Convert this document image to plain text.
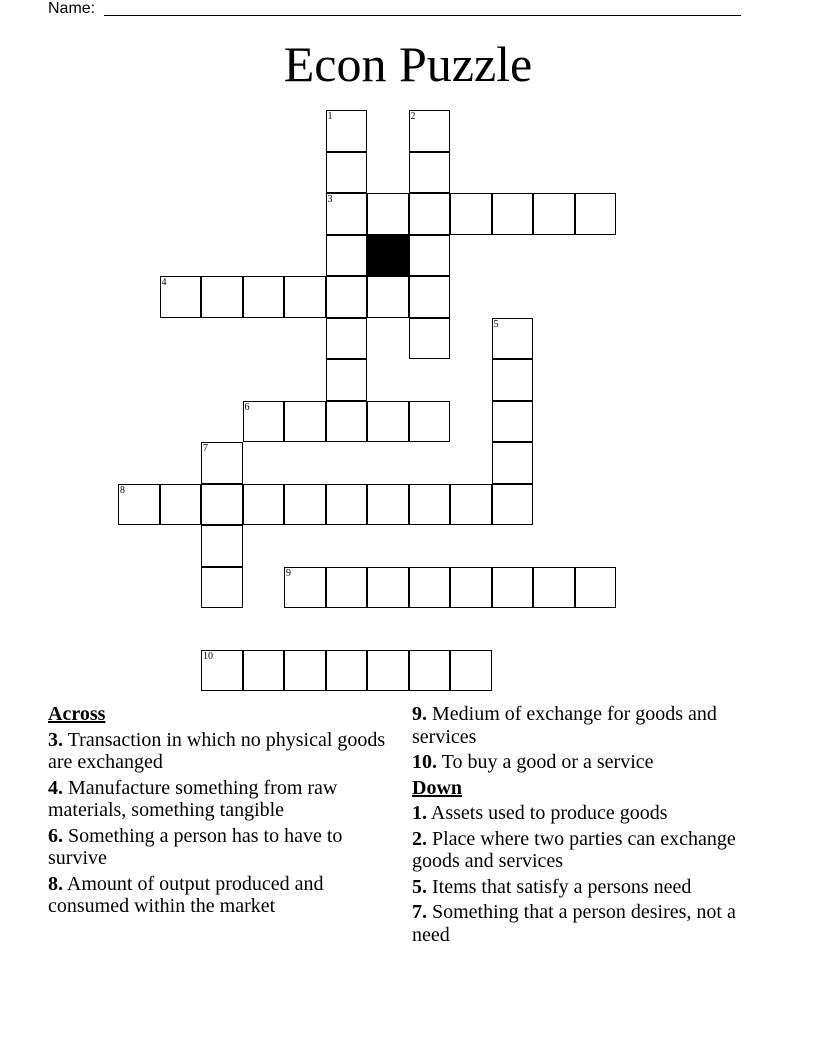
Name:
Econ Puzzle
1	2
3
4
5
6
7
8
9
10
Across
3. Transaction in which no physical goods are exchanged
4. Manufacture something from raw materials, something tangible
6. Something a person has to have to survive
8. Amount of output produced and consumed within the market
9. Medium of exchange for goods and services
10. To buy a good or a service
Down
1. Assets used to produce goods
2. Place where two parties can exchange goods and services
5. Items that satisfy a persons need
7. Something that a person desires, not a need
